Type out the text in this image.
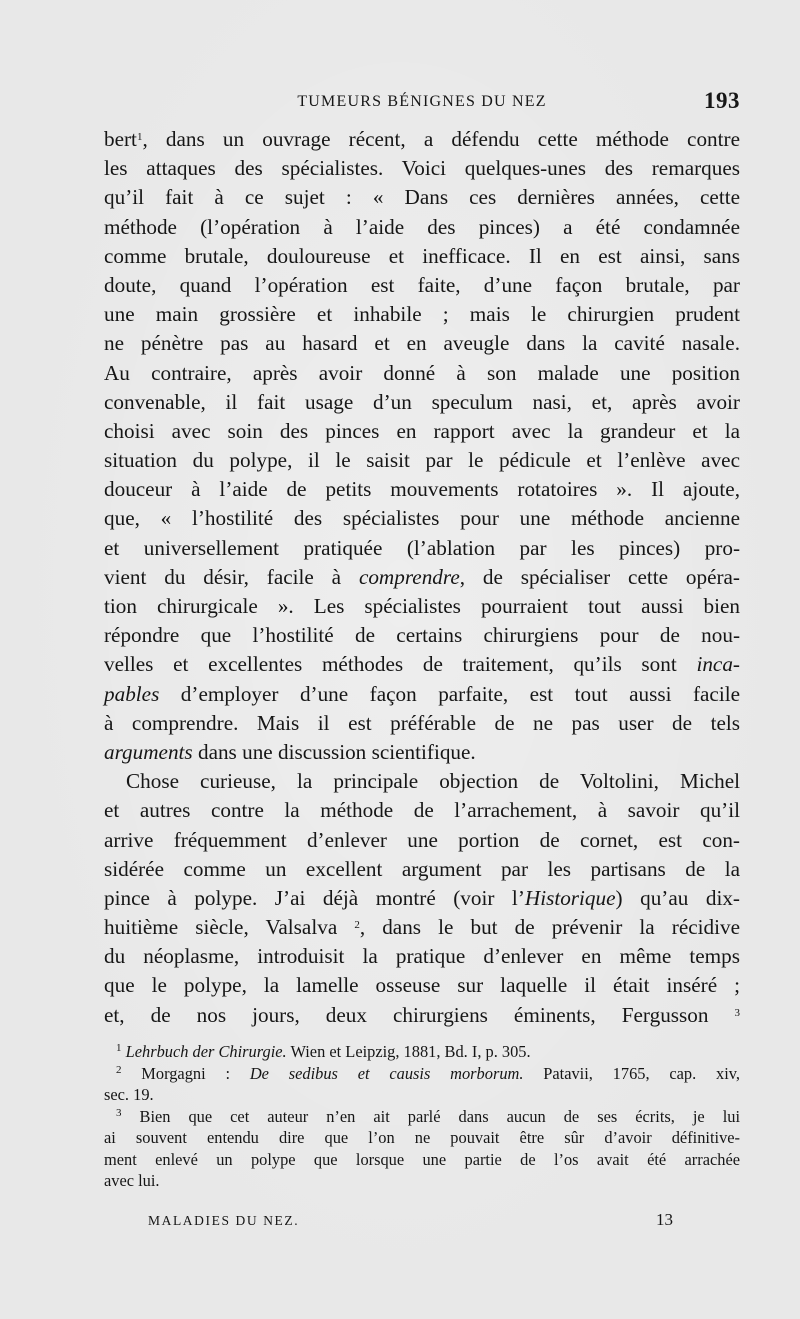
TUMEURS BÉNIGNES DU NEZ	193
bert$^1$, dans un ouvrage récent, a défendu cette méthode contre
les attaques des spécialistes. Voici quelques-unes des remarques
qu’il fait à ce sujet : « Dans ces dernières années, cette
méthode (l’opération à l’aide des pinces) a été condamnée
comme brutale, douloureuse et inefficace. Il en est ainsi, sans
doute, quand l’opération est faite, d’une façon brutale, par
une main grossière et inhabile ; mais le chirurgien prudent
ne pénètre pas au hasard et en aveugle dans la cavité nasale.
Au contraire, après avoir donné à son malade une position
convenable, il fait usage d’un speculum nasi, et, après avoir
choisi avec soin des pinces en rapport avec la grandeur et la
situation du polype, il le saisit par le pédicule et l’enlève avec
douceur à l’aide de petits mouvements rotatoires ». Il ajoute,
que, « l’hostilité des spécialistes pour une méthode ancienne
et universellement pratiquée (l’ablation par les pinces) pro-
vient du désir, facile à comprendre, de spécialiser cette opéra-
tion chirurgicale ». Les spécialistes pourraient tout aussi bien
répondre que l’hostilité de certains chirurgiens pour de nou-
velles et excellentes méthodes de traitement, qu’ils sont inca-
pables d’employer d’une façon parfaite, est tout aussi facile
à comprendre. Mais il est préférable de ne pas user de tels
arguments dans une discussion scientifique.
Chose curieuse, la principale objection de Voltolini, Michel
et autres contre la méthode de l’arrachement, à savoir qu’il
arrive fréquemment d’enlever une portion de cornet, est con-
sidérée comme un excellent argument par les partisans de la
pince à polype. J’ai déjà montré (voir l’Historique) qu’au dix-
huitième siècle, Valsalva $^2$, dans le but de prévenir la récidive
du néoplasme, introduisit la pratique d’enlever en même temps
que le polype, la lamelle osseuse sur laquelle il était inséré ;
et, de nos jours, deux chirurgiens éminents, Fergusson $^3$
$^1$ Lehrbuch der Chirurgie. Wien et Leipzig, 1881, Bd. I, p. 305.
$^2$ Morgagni : De sedibus et causis morborum. Patavii, 1765, cap. xiv,
sec. 19.
$^3$ Bien que cet auteur n’en ait parlé dans aucun de ses écrits, je lui
ai souvent entendu dire que l’on ne pouvait être sûr d’avoir définitive-
ment enlevé un polype que lorsque une partie de l’os avait été arrachée
avec lui.
MALADIES DU NEZ.	13
